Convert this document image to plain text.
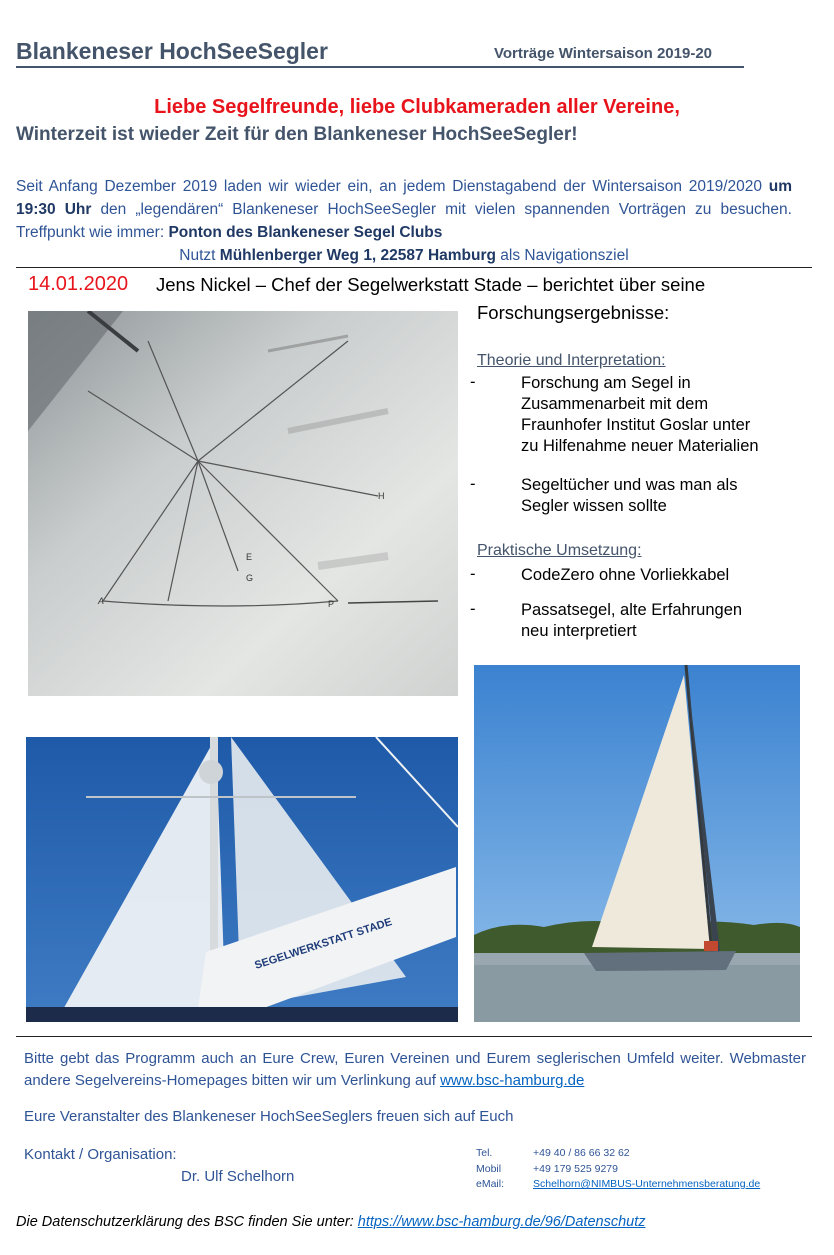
Blankeneser HochSeeSegler	Vorträge Wintersaison 2019-20
Liebe Segelfreunde, liebe Clubkameraden aller Vereine,
Winterzeit ist wieder Zeit für den Blankeneser HochSeeSegler!
Seit Anfang Dezember 2019 laden wir wieder ein, an jedem Dienstagabend der Wintersaison 2019/2020 um 19:30 Uhr den „legendären“ Blankeneser HochSeeSegler mit vielen spannenden Vorträgen zu besuchen. Treffpunkt wie immer: Ponton des Blankeneser Segel Clubs
Nutzt Mühlenberger Weg 1, 22587 Hamburg als Navigationsziel
14.01.2020 Jens Nickel – Chef der Segelwerkstatt Stade – berichtet über seine
Forschungsergebnisse:
Theorie und Interpretation:
-	Forschung am Segel in
Zusammenarbeit mit dem
Fraunhofer Institut Goslar unter
zu Hilfenahme neuer Materialien
-	Segeltücher und was man als
Segler wissen sollte
Praktische Umsetzung:
-	CodeZero ohne Vorliekkabel
-	Passatsegel, alte Erfahrungen
neu interpretiert
A
E
G
H
P
SEGELWERKSTATT STADE
Bitte gebt das Programm auch an Eure Crew, Euren Vereinen und Eurem seglerischen Umfeld weiter. Webmaster andere Segelvereins-Homepages bitten wir um Verlinkung auf www.bsc-hamburg.de
Eure Veranstalter des Blankeneser HochSeeSeglers freuen sich auf Euch
Kontakt / Organisation:
Dr. Ulf Schelhorn
Tel.	+49 40 / 86 66 32 62
Mobil	+49 179 525 9279
eMail:	Schelhorn@NIMBUS-Unternehmensberatung.de
Die Datenschutzerklärung des BSC finden Sie unter: https://www.bsc-hamburg.de/96/Datenschutz
